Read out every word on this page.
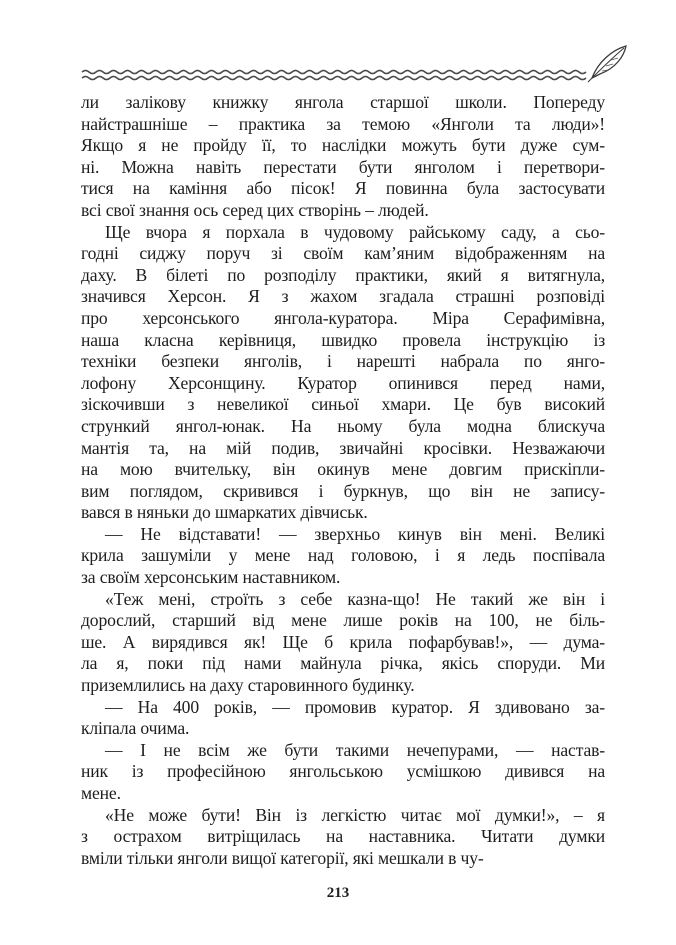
ли залікову книжку янгола старшої школи. Попереду

найстрашніше – практика за темою «Янголи та люди»!

Якщо я не пройду її, то наслідки можуть бути дуже сум-

ні. Можна навіть перестати бути янголом і перетвори-

тися на каміння або пісок! Я повинна була застосувати

всі свої знання ось серед цих створінь – людей.

Ще вчора я порхала в чудовому райському саду, а сьо-

годні сиджу поруч зі своїм кам’яним відображенням на

даху. В білеті по розподілу практики, який я витягнула,

значився Херсон. Я з жахом згадала страшні розповіді

про херсонського янгола-куратора. Міра Серафимівна,

наша класна керівниця, швидко провела інструкцію із

техніки безпеки янголів, і нарешті набрала по янго-

лофону Херсонщину. Куратор опинився перед нами,

зіскочивши з невеликої синьої хмари. Це був високий

стрункий янгол-юнак. На ньому була модна блискуча

мантія та, на мій подив, звичайні кросівки. Незважаючи

на мою вчительку, він окинув мене довгим прискіпли-

вим поглядом, скривився і буркнув, що він не запису-

вався в няньки до шмаркатих дівчиськ.

— Не відставати! — зверхньо кинув він мені. Великі

крила зашуміли у мене над головою, і я ледь поспівала

за своїм херсонським наставником.

«Теж мені, строїть з себе казна-що! Не такий же він і

дорослий, старший від мене лише років на 100, не біль-

ше. А вирядився як! Ще б крила пофарбував!», — дума-

ла я, поки під нами майнула річка, якісь споруди. Ми

приземлились на даху старовинного будинку.

— На 400 років, — промовив куратор. Я здивовано за-

кліпала очима.

— І не всім же бути такими нечепурами, — настав-

ник із професійною янгольською усмішкою дивився на

мене.

«Не може бути! Він із легкістю читає мої думки!», – я

з острахом витріщилась на наставника. Читати думки

вміли тільки янголи вищої категорії, які мешкали в чу-

213
